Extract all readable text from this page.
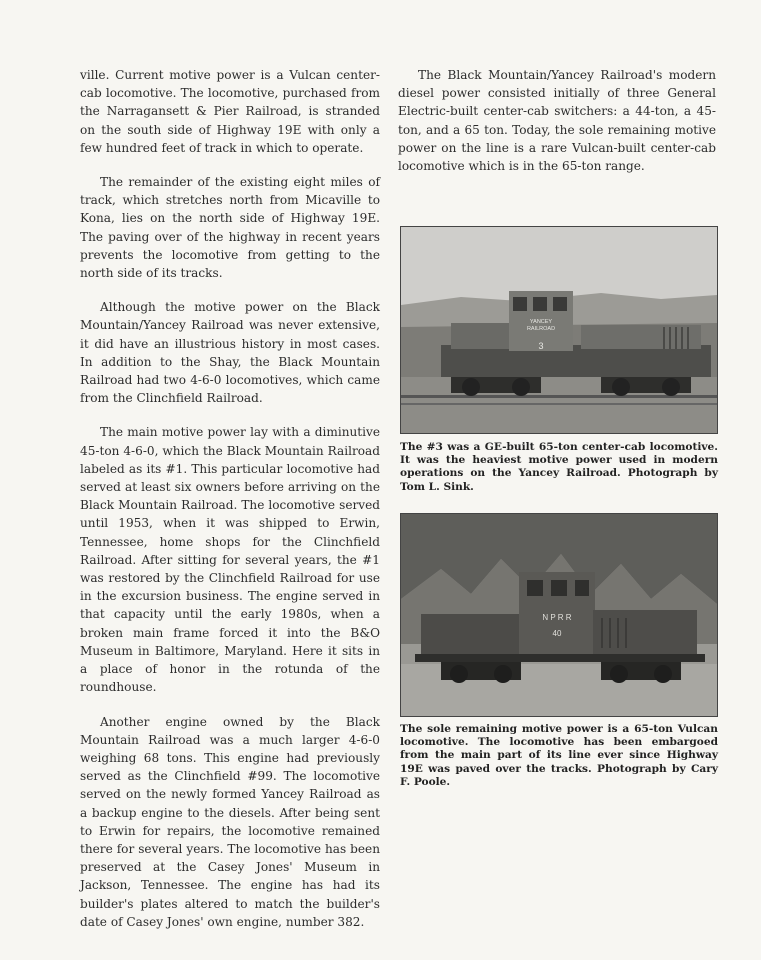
ville. Current motive power is a Vulcan center-cab locomotive. The locomotive, purchased from the Narragansett & Pier Railroad, is stranded on the south side of Highway 19E with only a few hundred feet of track in which to operate.

The remainder of the existing eight miles of track, which stretches north from Micaville to Kona, lies on the north side of Highway 19E. The paving over of the highway in recent years prevents the locomotive from getting to the north side of its tracks.

Although the motive power on the Black Mountain/Yancey Railroad was never extensive, it did have an illustrious history in most cases. In addition to the Shay, the Black Mountain Railroad had two 4-6-0 locomotives, which came from the Clinchfield Railroad.

The main motive power lay with a diminutive 45-ton 4-6-0, which the Black Mountain Railroad labeled as its #1. This particular locomotive had served at least six owners before arriving on the Black Mountain Railroad. The locomotive served until 1953, when it was shipped to Erwin, Tennessee, home shops for the Clinchfield Railroad. After sitting for several years, the #1 was restored by the Clinchfield Railroad for use in the excursion business. The engine served in that capacity until the early 1980s, when a broken main frame forced it into the B&O Museum in Baltimore, Maryland. Here it sits in a place of honor in the rotunda of the roundhouse.

Another engine owned by the Black Mountain Railroad was a much larger 4-6-0 weighing 68 tons. This engine had previously served as the Clinchfield #99. The locomotive served on the newly formed Yancey Railroad as a backup engine to the diesels. After being sent to Erwin for repairs, the locomotive remained there for several years. The locomotive has been preserved at the Casey Jones' Museum in Jackson, Tennessee. The engine has had its builder's plates altered to match the builder's date of Casey Jones' own engine, number 382.

The Black Mountain/Yancey Railroad's modern diesel power consisted initially of three General Electric-built center-cab switchers: a 44-ton, a 45-ton, and a 65 ton. Today, the sole remaining motive power on the line is a rare Vulcan-built center-cab locomotive which is in the 65-ton range.

YANCEY
RAILROAD
3
The #3 was a GE-built 65-ton center-cab locomotive. It was the heaviest motive power used in modern operations on the Yancey Railroad. Photograph by Tom L. Sink.
N P R R
40
The sole remaining motive power is a 65-ton Vulcan locomotive. The locomotive has been embargoed from the main part of its line ever since Highway 19E was paved over the tracks. Photograph by Cary F. Poole.
